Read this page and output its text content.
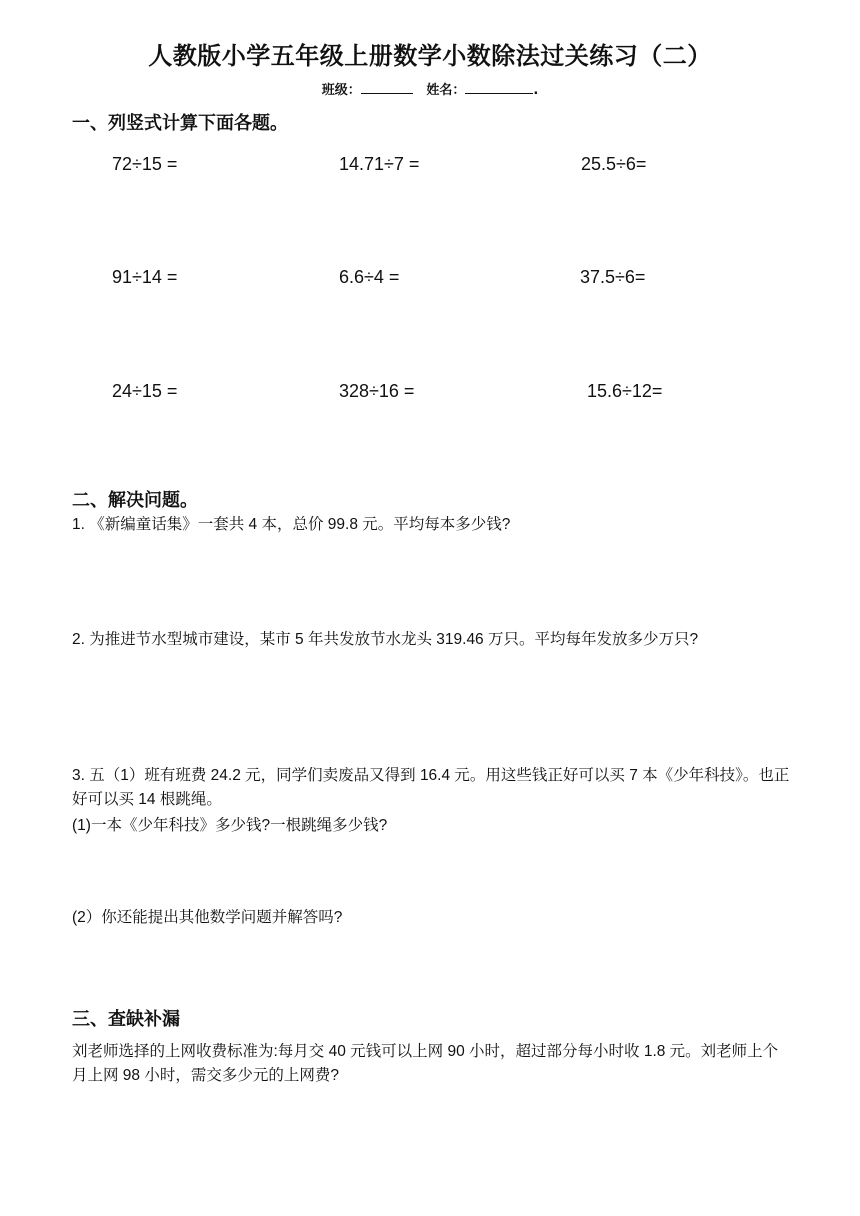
人教版小学五年级上册数学小数除法过关练习（二）
班级：	姓名：	.
一、列竖式计算下面各题。
72÷15 =	14.71÷7 =	25.5÷6=
91÷14 =	6.6÷4 =	37.5÷6=
24÷15 =	328÷16 =	15.6÷12=
二、解决问题。
1. 《新编童话集》一套共 4 本，总价 99.8 元。平均每本多少钱?
2. 为推进节水型城市建设，某市 5 年共发放节水龙头 319.46 万只。平均每年发放多少万只?
3. 五（1）班有班费 24.2 元，同学们卖废品又得到 16.4 元。用这些钱正好可以买 7 本《少年科技》。也正好可以买 14 根跳绳。
(1)一本《少年科技》多少钱?一根跳绳多少钱?
(2）你还能提出其他数学问题并解答吗?
三、查缺补漏
刘老师选择的上网收费标准为:每月交 40 元钱可以上网 90 小时，超过部分每小时收 1.8 元。刘老师上个月上网 98 小时，需交多少元的上网费?
